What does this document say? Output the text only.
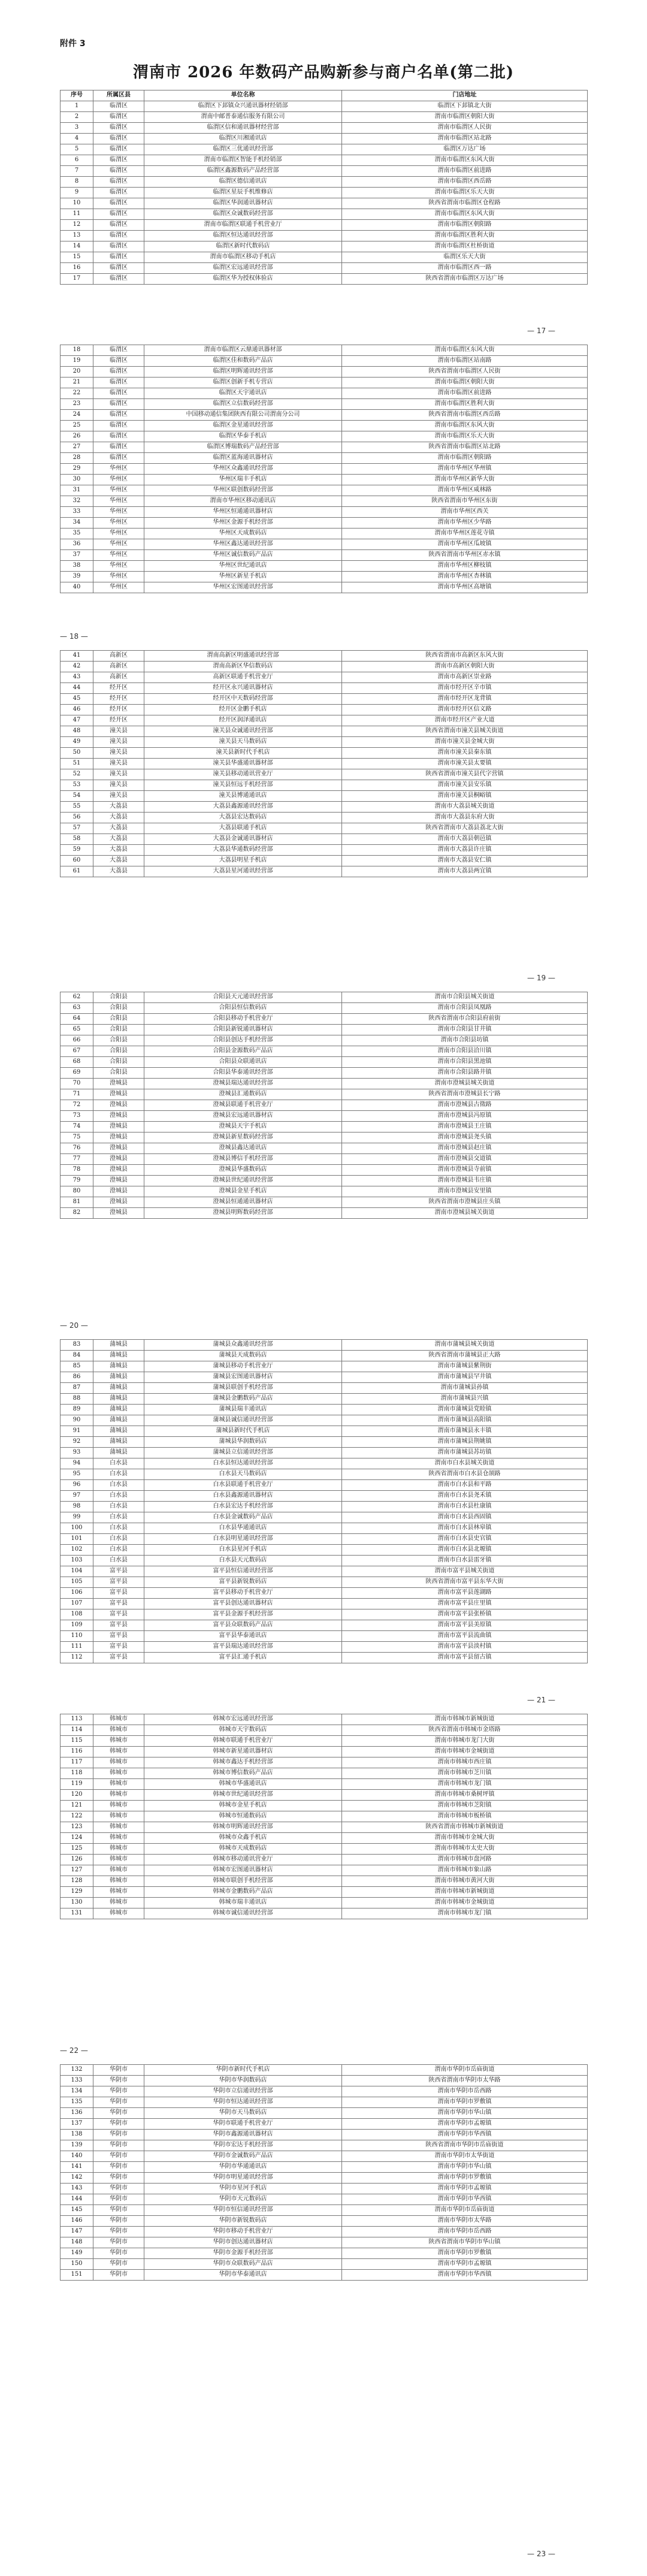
附件 3
渭南市 2026 年数码产品购新参与商户名单(第二批)
序号	所属区县	单位名称	门店地址
1	临渭区	临渭区下邽镇众兴通讯器材经销部	临渭区下邽镇北大街
2	临渭区	渭南中邮普泰通信服务有限公司	渭南市临渭区朝阳大街
3	临渭区	临渭区信和通讯器材经营部	渭南市临渭区人民街
4	临渭区	临渭区川湘通讯店	渭南市临渭区站北路
5	临渭区	临渭区三优通讯经营部	临渭区万达广场
6	临渭区	渭南市临渭区智能手机经销部	渭南市临渭区东风大街
7	临渭区	临渭区鑫源数码产品经营部	渭南市临渭区前进路
8	临渭区	临渭区德信通讯店	渭南市临渭区西岳路
9	临渭区	临渭区星辰手机维修店	渭南市临渭区乐天大街
10	临渭区	临渭区华润通讯器材店	陕西省渭南市临渭区仓程路
11	临渭区	临渭区众诚数码经营部	渭南市临渭区东风大街
12	临渭区	渭南市临渭区联通手机营业厅	渭南市临渭区朝阳路
13	临渭区	临渭区恒达通讯经营部	渭南市临渭区胜利大街
14	临渭区	临渭区新时代数码店	渭南市临渭区杜桥街道
15	临渭区	渭南市临渭区移动手机店	临渭区乐天大街
16	临渭区	临渭区宏远通讯经营部	渭南市临渭区西一路
17	临渭区	临渭区华为授权体验店	陕西省渭南市临渭区万达广场
18	临渭区	渭南市临渭区云鼎通讯器材部	渭南市临渭区东风大街
19	临渭区	临渭区佳和数码产品店	渭南市临渭区站南路
20	临渭区	临渭区明辉通讯经营部	陕西省渭南市临渭区人民街
21	临渭区	临渭区创新手机专营店	渭南市临渭区朝阳大街
22	临渭区	临渭区天宇通讯店	渭南市临渭区前进路
23	临渭区	临渭区立信数码经营部	渭南市临渭区胜利大街
24	临渭区	中国移动通信集团陕西有限公司渭南分公司	陕西省渭南市临渭区西岳路
25	临渭区	临渭区金星通讯经营部	渭南市临渭区东风大街
26	临渭区	临渭区华泰手机店	渭南市临渭区乐天大街
27	临渭区	临渭区博瑞数码产品经营部	陕西省渭南市临渭区站北路
28	临渭区	临渭区蓝海通讯器材店	渭南市临渭区朝阳路
29	华州区	华州区众鑫通讯经营部	渭南市华州区华州镇
30	华州区	华州区瑞丰手机店	渭南市华州区新华大街
31	华州区	华州区联创数码经营部	渭南市华州区咸林路
32	华州区	渭南市华州区移动通讯店	陕西省渭南市华州区东街
33	华州区	华州区恒通通讯器材店	渭南市华州区西关
34	华州区	华州区金源手机经营部	渭南市华州区少华路
35	华州区	华州区天成数码店	渭南市华州区莲花寺镇
36	华州区	华州区鑫达通讯经营部	渭南市华州区瓜坡镇
37	华州区	华州区诚信数码产品店	陕西省渭南市华州区赤水镇
38	华州区	华州区世纪通讯店	渭南市华州区柳枝镇
39	华州区	华州区新星手机店	渭南市华州区杏林镇
40	华州区	华州区宏图通讯经营部	渭南市华州区高塘镇
41	高新区	渭南高新区明盛通讯经营部	陕西省渭南市高新区东风大街
42	高新区	渭南高新区华信数码店	渭南市高新区朝阳大街
43	高新区	高新区联通手机营业厅	渭南市高新区崇业路
44	经开区	经开区永兴通讯器材店	渭南市经开区辛市镇
45	经开区	经开区中天数码经营部	渭南市经开区龙背镇
46	经开区	经开区金鹏手机店	渭南市经开区信义路
47	经开区	经开区润泽通讯店	渭南市经开区产业大道
48	潼关县	潼关县众诚通讯经营部	陕西省渭南市潼关县城关街道
49	潼关县	潼关县天马数码店	渭南市潼关县金城大街
50	潼关县	潼关县新时代手机店	渭南市潼关县秦东镇
51	潼关县	潼关县华盛通讯器材部	渭南市潼关县太要镇
52	潼关县	潼关县移动通讯营业厅	陕西省渭南市潼关县代字营镇
53	潼关县	潼关县恒远手机经营部	渭南市潼关县安乐镇
54	潼关县	潼关县博通通讯店	渭南市潼关县桐峪镇
55	大荔县	大荔县鑫源通讯经营部	渭南市大荔县城关街道
56	大荔县	大荔县宏达数码店	渭南市大荔县东府大街
57	大荔县	大荔县联通手机店	陕西省渭南市大荔县荔北大街
58	大荔县	大荔县金诚通讯器材店	渭南市大荔县朝邑镇
59	大荔县	大荔县华通数码经营部	渭南市大荔县许庄镇
60	大荔县	大荔县明星手机店	渭南市大荔县安仁镇
61	大荔县	大荔县星河通讯经营部	渭南市大荔县两宜镇
62	合阳县	合阳县天元通讯经营部	渭南市合阳县城关街道
63	合阳县	合阳县恒信数码店	渭南市合阳县凤凰路
64	合阳县	合阳县移动手机营业厅	陕西省渭南市合阳县府前街
65	合阳县	合阳县新锐通讯器材店	渭南市合阳县甘井镇
66	合阳县	合阳县创达手机经营部	渭南市合阳县坊镇
67	合阳县	合阳县金源数码产品店	渭南市合阳县洽川镇
68	合阳县	合阳县众联通讯店	渭南市合阳县黑池镇
69	合阳县	合阳县华泰通讯经营部	渭南市合阳县路井镇
70	澄城县	澄城县瑞达通讯经营部	渭南市澄城县城关街道
71	澄城县	澄城县汇通数码店	陕西省渭南市澄城县长宁路
72	澄城县	澄城县联通手机营业厅	渭南市澄城县古徵路
73	澄城县	澄城县宏远通讯器材店	渭南市澄城县冯原镇
74	澄城县	澄城县天宇手机店	渭南市澄城县王庄镇
75	澄城县	澄城县新星数码经营部	渭南市澄城县尧头镇
76	澄城县	澄城县鑫达通讯店	渭南市澄城县赵庄镇
77	澄城县	澄城县博信手机经营部	渭南市澄城县交道镇
78	澄城县	澄城县华盛数码店	渭南市澄城县寺前镇
79	澄城县	澄城县世纪通讯经营部	渭南市澄城县韦庄镇
80	澄城县	澄城县金星手机店	渭南市澄城县安里镇
81	澄城县	澄城县恒通通讯器材店	陕西省渭南市澄城县庄头镇
82	澄城县	澄城县明辉数码经营部	渭南市澄城县城关街道
83	蒲城县	蒲城县众鑫通讯经营部	渭南市蒲城县城关街道
84	蒲城县	蒲城县天成数码店	陕西省渭南市蒲城县正大路
85	蒲城县	蒲城县移动手机营业厅	渭南市蒲城县紫荆街
86	蒲城县	蒲城县宏图通讯器材店	渭南市蒲城县罕井镇
87	蒲城县	蒲城县联创手机经营部	渭南市蒲城县孙镇
88	蒲城县	蒲城县金鹏数码产品店	渭南市蒲城县兴镇
89	蒲城县	蒲城县瑞丰通讯店	渭南市蒲城县党睦镇
90	蒲城县	蒲城县诚信通讯经营部	渭南市蒲城县高阳镇
91	蒲城县	蒲城县新时代手机店	渭南市蒲城县永丰镇
92	蒲城县	蒲城县华润数码店	渭南市蒲城县荆姚镇
93	蒲城县	蒲城县立信通讯经营部	渭南市蒲城县苏坊镇
94	白水县	白水县恒达通讯经营部	渭南市白水县城关街道
95	白水县	白水县天马数码店	陕西省渭南市白水县仓颉路
96	白水县	白水县联通手机营业厅	渭南市白水县和平路
97	白水县	白水县鑫源通讯器材店	渭南市白水县尧禾镇
98	白水县	白水县宏达手机经营部	渭南市白水县杜康镇
99	白水县	白水县金诚数码产品店	渭南市白水县西固镇
100	白水县	白水县华通通讯店	渭南市白水县林皋镇
101	白水县	白水县明星通讯经营部	渭南市白水县史官镇
102	白水县	白水县星河手机店	渭南市白水县北塬镇
103	白水县	白水县天元数码店	渭南市白水县雷牙镇
104	富平县	富平县恒信通讯经营部	渭南市富平县城关街道
105	富平县	富平县新锐数码店	陕西省渭南市富平县东华大街
106	富平县	富平县移动手机营业厅	渭南市富平县莲湖路
107	富平县	富平县创达通讯器材店	渭南市富平县庄里镇
108	富平县	富平县金源手机经营部	渭南市富平县张桥镇
109	富平县	富平县众联数码产品店	渭南市富平县美原镇
110	富平县	富平县华泰通讯店	渭南市富平县流曲镇
111	富平县	富平县瑞达通讯经营部	渭南市富平县淡村镇
112	富平县	富平县汇通手机店	渭南市富平县留古镇
113	韩城市	韩城市宏远通讯经营部	渭南市韩城市新城街道
114	韩城市	韩城市天宇数码店	陕西省渭南市韩城市金塔路
115	韩城市	韩城市联通手机营业厅	渭南市韩城市龙门大街
116	韩城市	韩城市新星通讯器材店	渭南市韩城市金城街道
117	韩城市	韩城市鑫达手机经营部	渭南市韩城市西庄镇
118	韩城市	韩城市博信数码产品店	渭南市韩城市芝川镇
119	韩城市	韩城市华盛通讯店	渭南市韩城市龙门镇
120	韩城市	韩城市世纪通讯经营部	渭南市韩城市桑树坪镇
121	韩城市	韩城市金星手机店	渭南市韩城市芝阳镇
122	韩城市	韩城市恒通数码店	渭南市韩城市板桥镇
123	韩城市	韩城市明辉通讯经营部	陕西省渭南市韩城市新城街道
124	韩城市	韩城市众鑫手机店	渭南市韩城市金城大街
125	韩城市	韩城市天成数码店	渭南市韩城市太史大街
126	韩城市	韩城市移动通讯营业厅	渭南市韩城市盘河路
127	韩城市	韩城市宏图通讯器材店	渭南市韩城市象山路
128	韩城市	韩城市联创手机经营部	渭南市韩城市黄河大街
129	韩城市	韩城市金鹏数码产品店	渭南市韩城市新城街道
130	韩城市	韩城市瑞丰通讯店	渭南市韩城市金城街道
131	韩城市	韩城市诚信通讯经营部	渭南市韩城市龙门镇
132	华阴市	华阴市新时代手机店	渭南市华阴市岳庙街道
133	华阴市	华阴市华润数码店	陕西省渭南市华阴市太华路
134	华阴市	华阴市立信通讯经营部	渭南市华阴市岳西路
135	华阴市	华阴市恒达通讯经营部	渭南市华阴市罗敷镇
136	华阴市	华阴市天马数码店	渭南市华阴市华山镇
137	华阴市	华阴市联通手机营业厅	渭南市华阴市孟塬镇
138	华阴市	华阴市鑫源通讯器材店	渭南市华阴市华西镇
139	华阴市	华阴市宏达手机经营部	陕西省渭南市华阴市岳庙街道
140	华阴市	华阴市金诚数码产品店	渭南市华阴市太华街道
141	华阴市	华阴市华通通讯店	渭南市华阴市华山镇
142	华阴市	华阴市明星通讯经营部	渭南市华阴市罗敷镇
143	华阴市	华阴市星河手机店	渭南市华阴市孟塬镇
144	华阴市	华阴市天元数码店	渭南市华阴市华西镇
145	华阴市	华阴市恒信通讯经营部	渭南市华阴市岳庙街道
146	华阴市	华阴市新锐数码店	渭南市华阴市太华路
147	华阴市	华阴市移动手机营业厅	渭南市华阴市岳西路
148	华阴市	华阴市创达通讯器材店	陕西省渭南市华阴市华山镇
149	华阴市	华阴市金源手机经营部	渭南市华阴市罗敷镇
150	华阴市	华阴市众联数码产品店	渭南市华阴市孟塬镇
151	华阴市	华阴市华泰通讯店	渭南市华阴市华西镇
— 17 —
— 18 —
— 19 —
— 20 —
— 21 —
— 22 —
— 23 —
